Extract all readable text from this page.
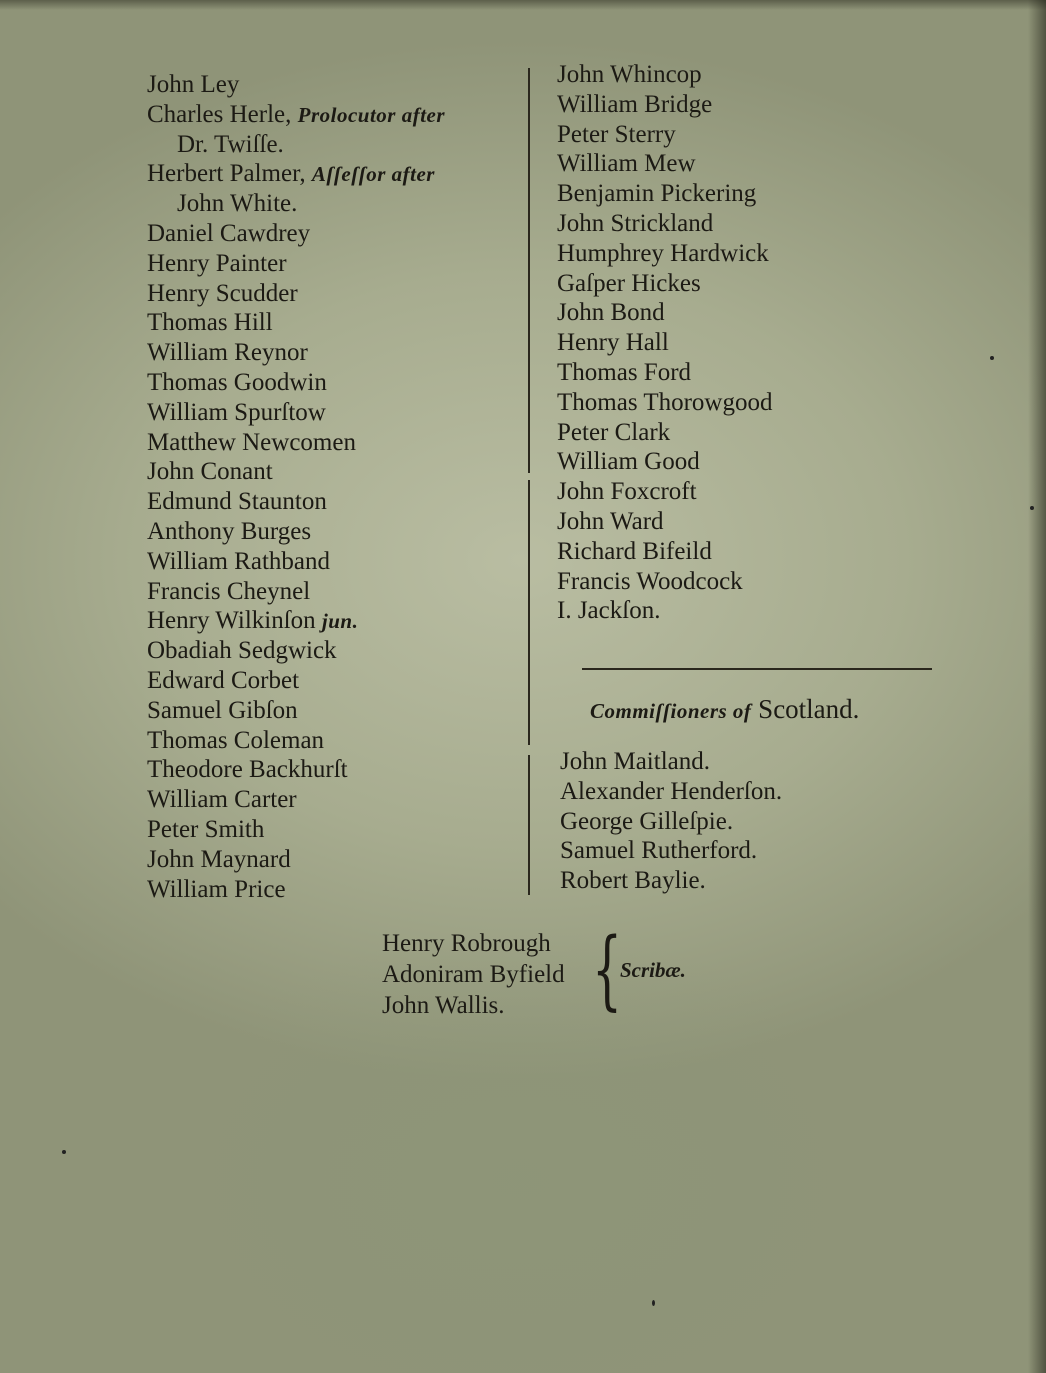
John Ley
Charles Herle, Prolocutor after
Dr. Twiſſe.
Herbert Palmer, Aſſeſſor after
John White.
Daniel Cawdrey
Henry Painter
Henry Scudder
Thomas Hill
William Reynor
Thomas Goodwin
William Spurſtow
Matthew Newcomen
John Conant
Edmund Staunton
Anthony Burges
William Rathband
Francis Cheynel
Henry Wilkinſon jun.
Obadiah Sedgwick
Edward Corbet
Samuel Gibſon
Thomas Coleman
Theodore Backhurſt
William Carter
Peter Smith
John Maynard
William Price
John Whincop
William Bridge
Peter Sterry
William Mew
Benjamin Pickering
John Strickland
Humphrey Hardwick
Gaſper Hickes
John Bond
Henry Hall
Thomas Ford
Thomas Thorowgood
Peter Clark
William Good
John Foxcroft
John Ward
Richard Bifeild
Francis Woodcock
I. Jackſon.
Commiſſioners of Scotland.
John Maitland.
Alexander Henderſon.
George Gilleſpie.
Samuel Rutherford.
Robert Baylie.
Henry Robrough
Adoniram Byfield
John Wallis.	{
Scribæ.
